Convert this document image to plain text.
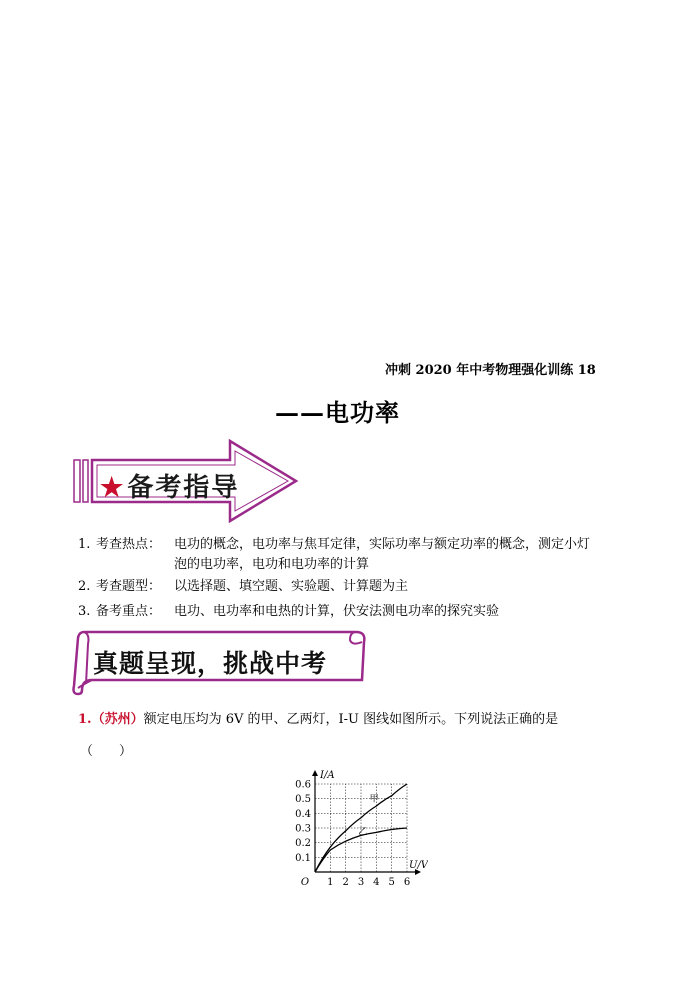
冲刺 2020 年中考物理强化训练 18
——电功率
★备考指导
1. 考查热点： 电功的概念，电功率与焦耳定律，实际功率与额定功率的概念，测定小灯
泡的电功率，电功和电功率的计算
2. 考查题型： 以选择题、填空题、实验题、计算题为主
3. 备考重点： 电功、电功率和电热的计算，伏安法测电功率的探究实验
真题呈现，挑战中考
1.（苏州）额定电压均为 6V 的甲、乙两灯，I-U 图线如图所示。下列说法正确的是
（　　）
1 2 3 4 5 6
0.1
0.2
0.3
0.4
0.5
0.6
O
U/V
I/A
甲
乙
